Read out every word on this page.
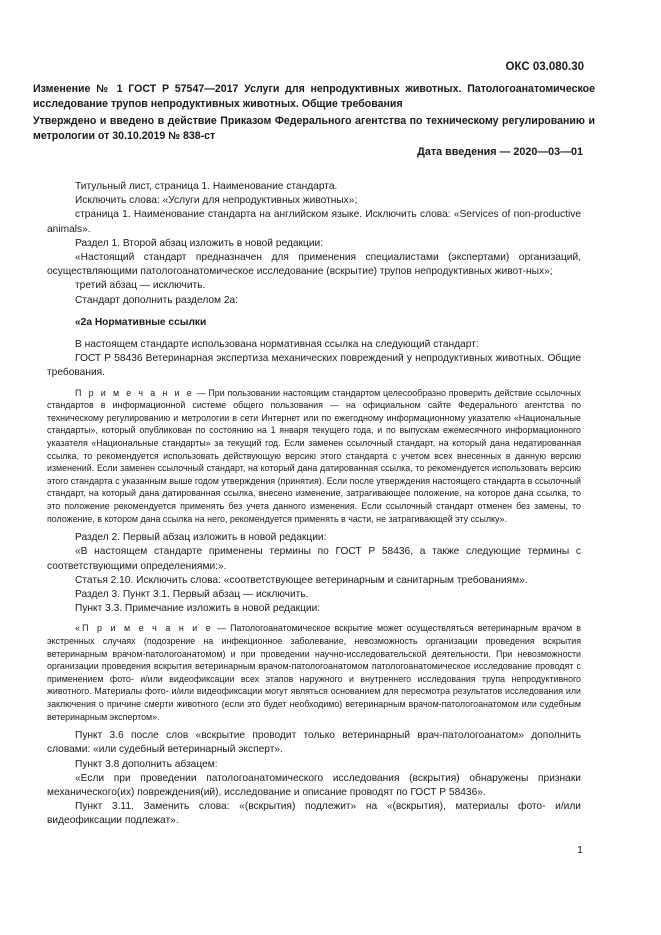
ОКС 03.080.30
Изменение № 1 ГОСТ Р 57547—2017 Услуги для непродуктивных животных. Патологоанатомическое исследование трупов непродуктивных животных. Общие требования
Утверждено и введено в действие Приказом Федерального агентства по техническому регулированию и метрологии от 30.10.2019 № 838-ст
Дата введения — 2020—03—01

Титульный лист, страница 1. Наименование стандарта.

Исключить слова: «Услуги для непродуктивных животных»;

страница 1. Наименование стандарта на английском языке. Исключить слова: «Services of non-productive animals».

Раздел 1. Второй абзац изложить в новой редакции:

«Настоящий стандарт предназначен для применения специалистами (экспертами) организаций, осуществляющими патологоанатомическое исследование (вскрытие) трупов непродуктивных живот-ных»;

третий абзац — исключить.

Стандарт дополнить разделом 2а:

«2а Нормативные ссылки

В настоящем стандарте использована нормативная ссылка на следующий стандарт:

ГОСТ Р 58436 Ветеринарная экспертиза механических повреждений у непродуктивных животных. Общие требования.

П р и м е ч а н и е — При пользовании настоящим стандартом целесообразно проверить действие ссылочных стандартов в информационной системе общего пользования — на официальном сайте Федерального агентства по техническому регулированию и метрологии в сети Интернет или по ежегодному информационному указателю «Национальные стандарты», который опубликован по состоянию на 1 января текущего года, и по выпускам ежемесячного информационного указателя «Национальные стандарты» за текущий год. Если заменен ссылочный стандарт, на который дана недатированная ссылка, то рекомендуется использовать действующую версию этого стандарта с учетом всех внесенных в данную версию изменений. Если заменен ссылочный стандарт, на который дана датированная ссылка, то рекомендуется использовать версию этого стандарта с указанным выше годом утверждения (принятия). Если после утверждения настоящего стандарта в ссылочный стандарт, на который дана датированная ссылка, внесено изменение, затрагивающее положение, на которое дана ссылка, то это положение рекомендуется применять без учета данного изменения. Если ссылочный стандарт отменен без замены, то положение, в котором дана ссылка на него, рекомендуется применять в части, не затрагивающей эту ссылку».

Раздел 2. Первый абзац изложить в новой редакции:

«В настоящем стандарте применены термины по ГОСТ Р 58436, а также следующие термины с соответствующими определениями:».

Статья 2.10. Исключить слова: «соответствующее ветеринарным и санитарным требованиям».

Раздел 3. Пункт 3.1. Первый абзац — исключить.

Пункт 3.3. Примечание изложить в новой редакции:

«П р и м е ч а н и е — Патологоанатомическое вскрытие может осуществляться ветеринарным врачом в экстренных случаях (подозрение на инфекционное заболевание, невозможность организации проведения вскрытия ветеринарным врачом-патологоанатомом) и при проведении научно-исследовательской деятельности. При невозможности организации проведения вскрытия ветеринарным врачом-патологоанатомом патологоанатомическое исследование проводят с применением фото- и/или видеофиксации всех этапов наружного и внутреннего исследования трупа непродуктивного животного. Материалы фото- и/или видеофиксации могут являться основанием для пересмотра результатов исследования или заключения о причине смерти животного (если это будет необходимо) ветеринарным врачом-патологоанатомом или судебным ветеринарным экспертом».

Пункт 3.6 после слов «вскрытие проводит только ветеринарный врач-патологоанатом» дополнить словами: «или судебный ветеринарный эксперт».

Пункт 3.8 дополнить абзацем:

«Если при проведении патологоанатомического исследования (вскрытия) обнаружены признаки механического(их) повреждения(ий), исследование и описание проводят по ГОСТ Р 58436».

Пункт 3.11. Заменить слова: «(вскрытия) подлежит» на «(вскрытия), материалы фото- и/или видеофиксации подлежат».

1
